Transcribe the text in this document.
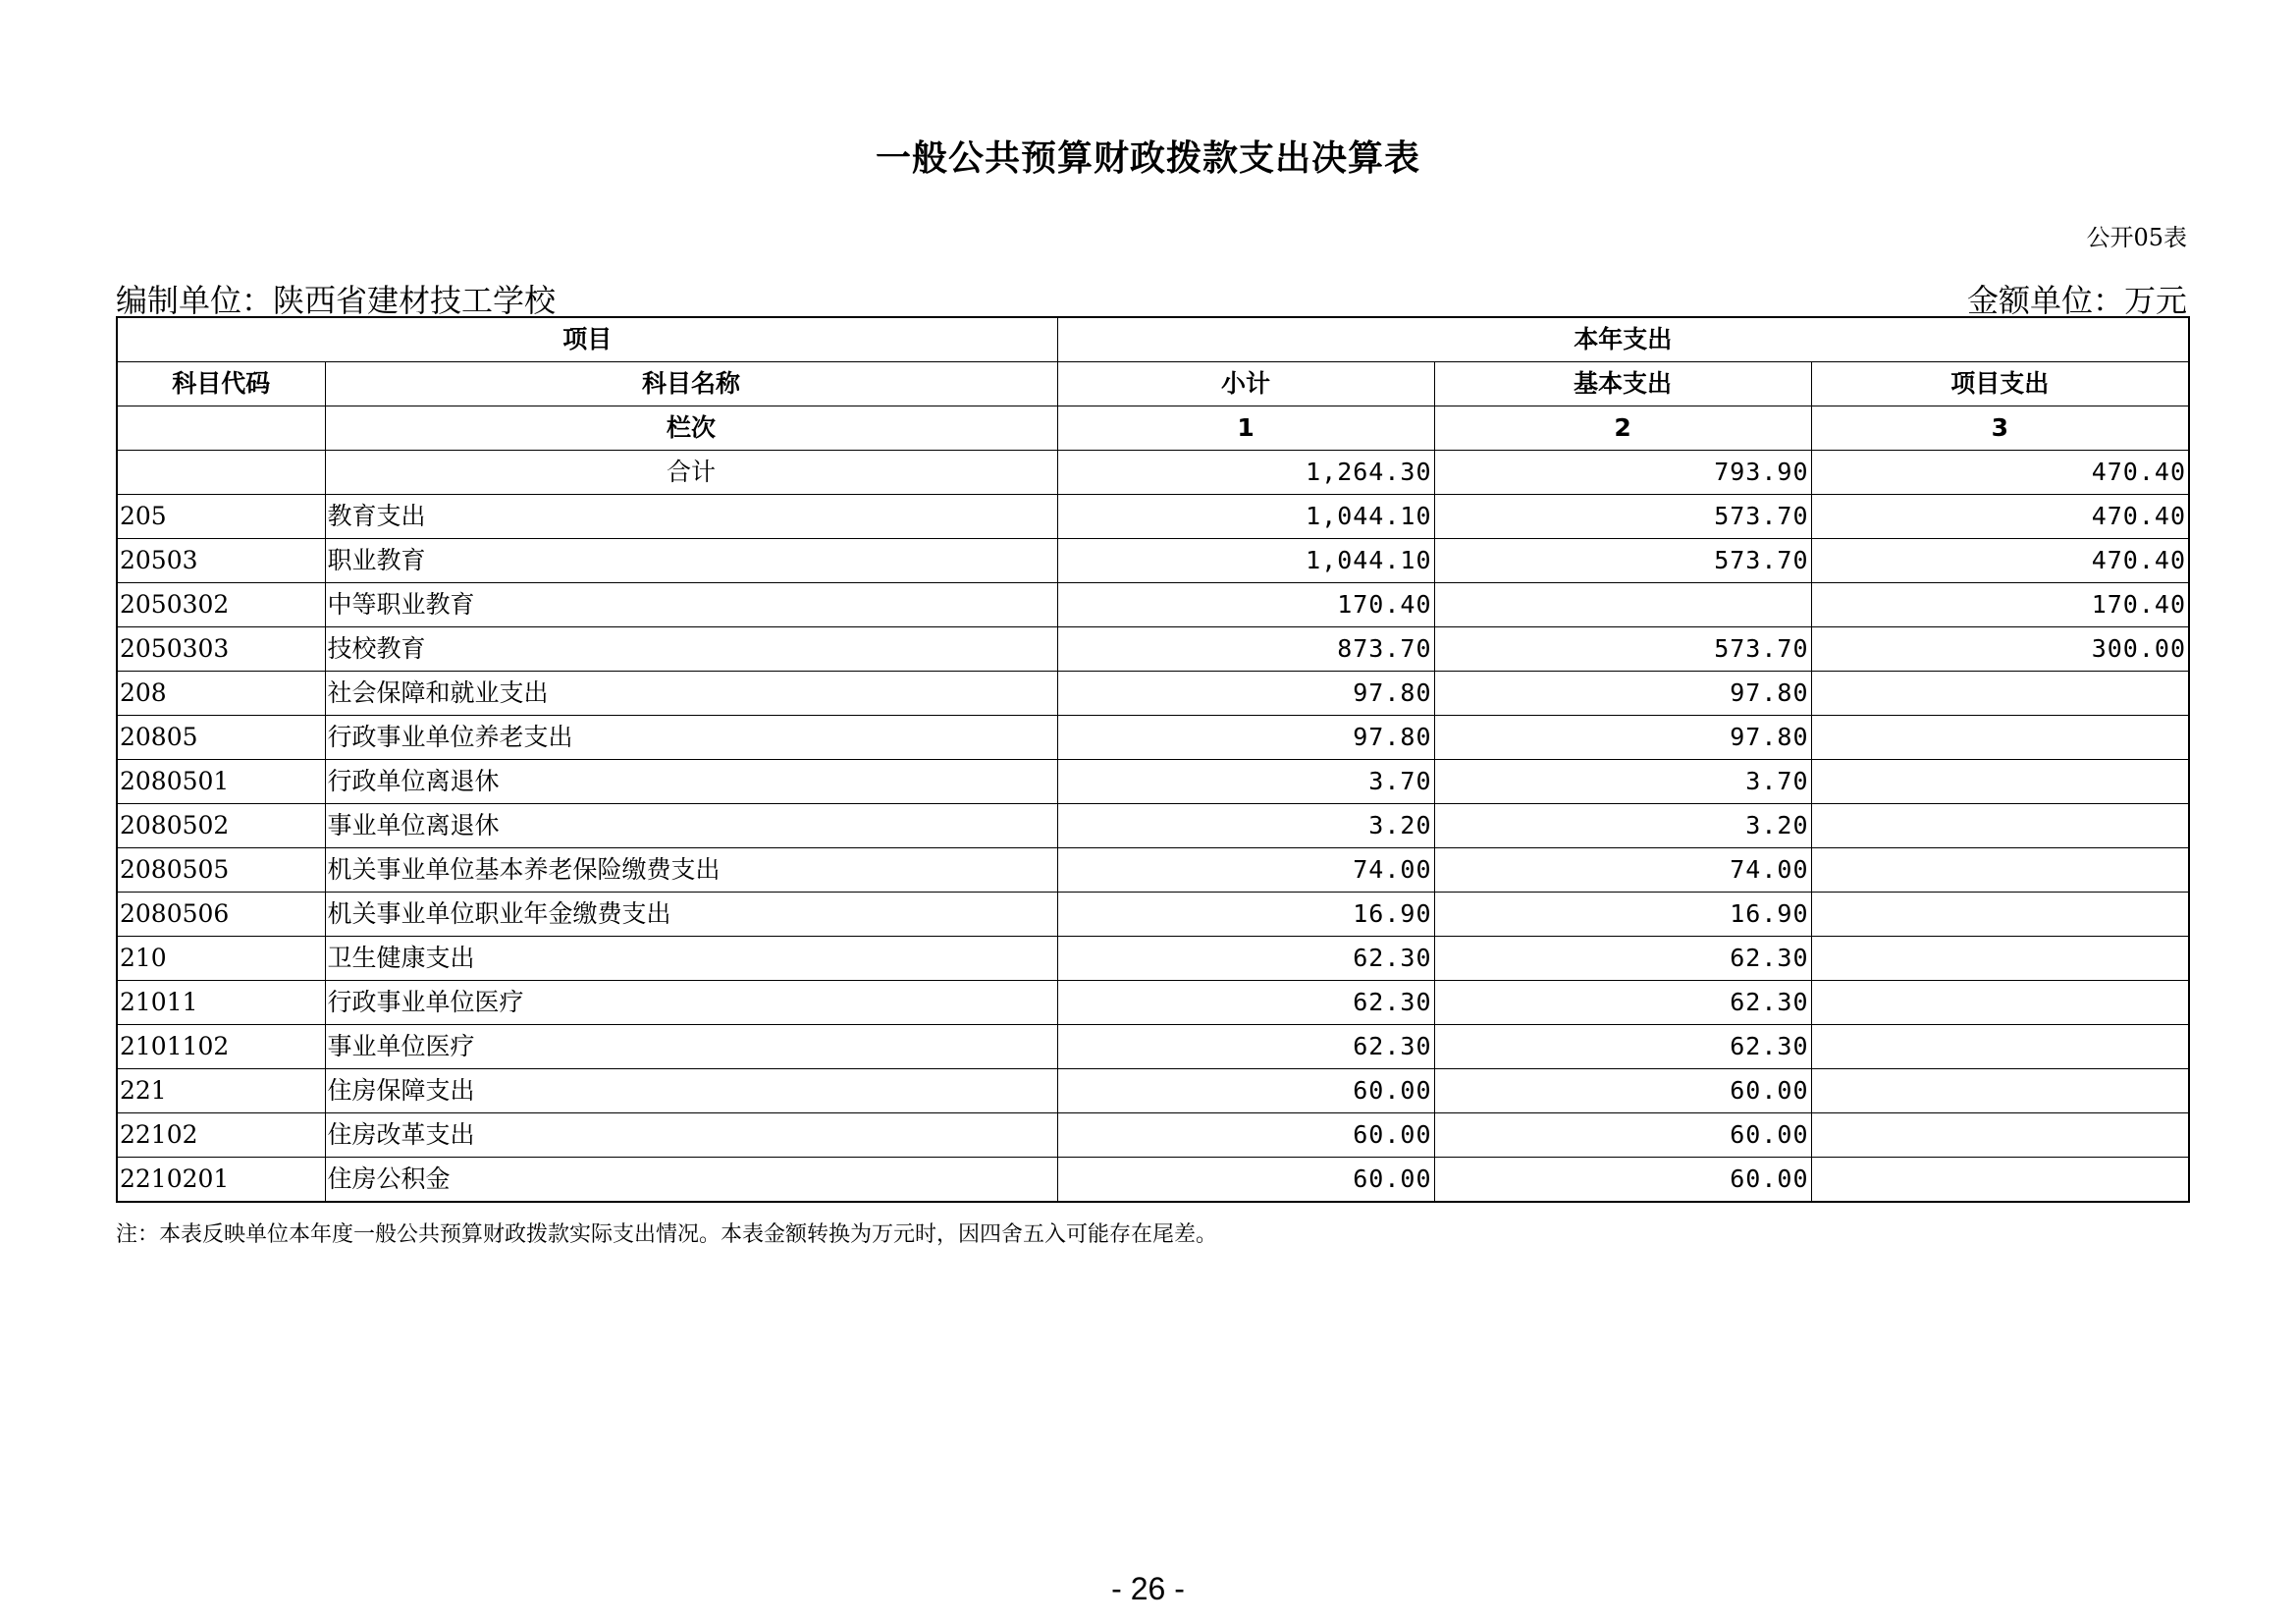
一般公共预算财政拨款支出决算表
公开05表
编制单位：陕西省建材技工学校	金额单位：万元
项目		本年支出		
科目代码	科目名称	小计	基本支出	项目支出
	栏次	1	2	3
	合计	1,264.30	793.90	470.40
205	教育支出	1,044.10	573.70	470.40
20503	职业教育	1,044.10	573.70	470.40
2050302	中等职业教育	170.40		170.40
2050303	技校教育	873.70	573.70	300.00
208	社会保障和就业支出	97.80	97.80	
20805	行政事业单位养老支出	97.80	97.80	
2080501	行政单位离退休	3.70	3.70	
2080502	事业单位离退休	3.20	3.20	
2080505	机关事业单位基本养老保险缴费支出	74.00	74.00	
2080506	机关事业单位职业年金缴费支出	16.90	16.90	
210	卫生健康支出	62.30	62.30	
21011	行政事业单位医疗	62.30	62.30	
2101102	事业单位医疗	62.30	62.30	
221	住房保障支出	60.00	60.00	
22102	住房改革支出	60.00	60.00	
2210201	住房公积金	60.00	60.00	
注：本表反映单位本年度一般公共预算财政拨款实际支出情况。本表金额转换为万元时，因四舍五入可能存在尾差。
- 26 -
